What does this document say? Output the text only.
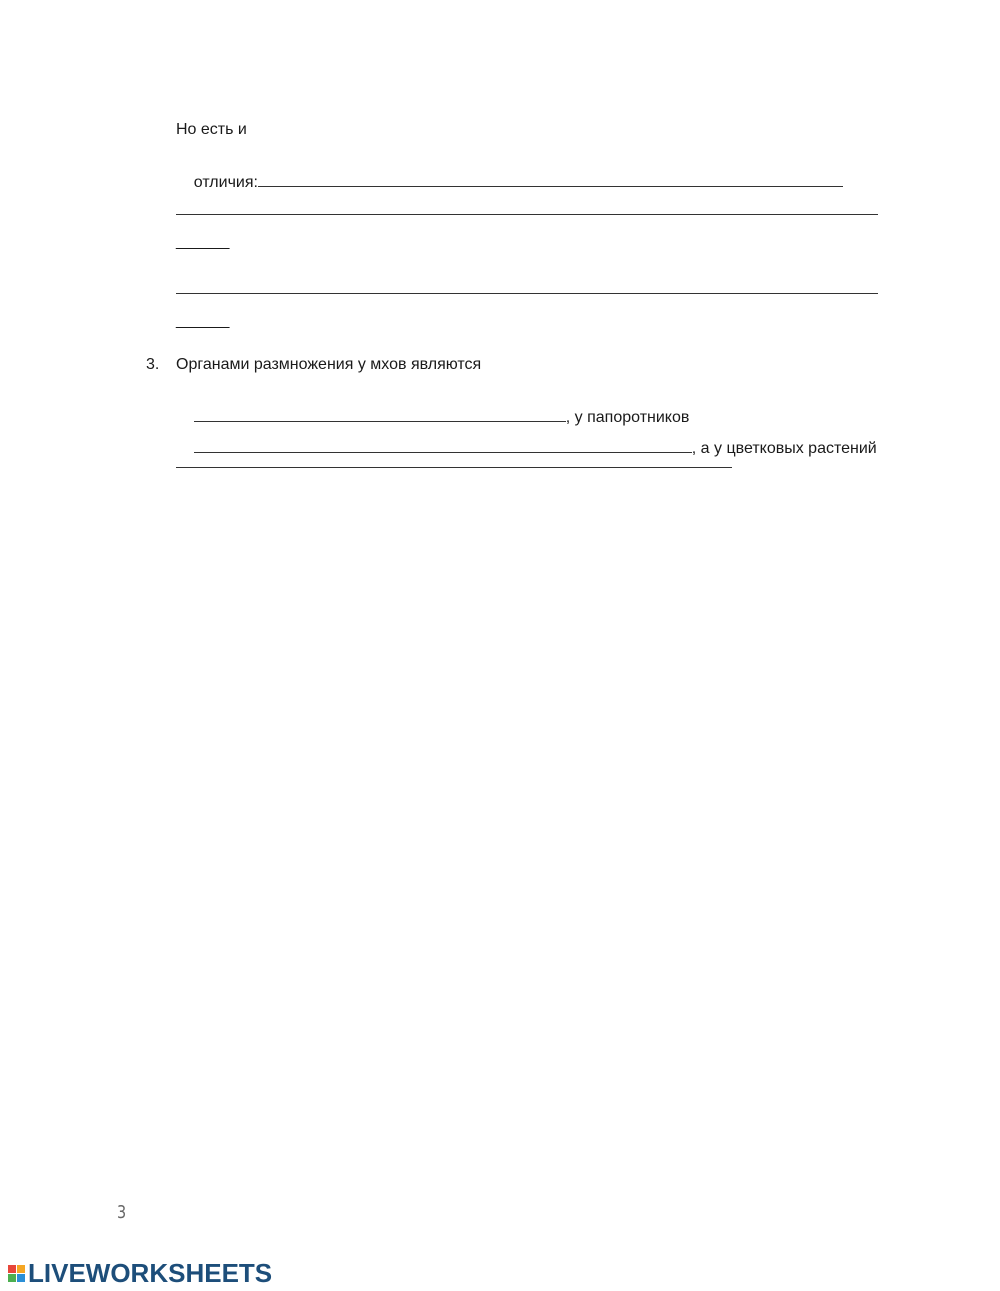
Но есть и

отличия:

______
______
3. Органами размножения у мхов являются

, у папоротников

, а у цветковых растений

3
LIVEWORKSHEETS
